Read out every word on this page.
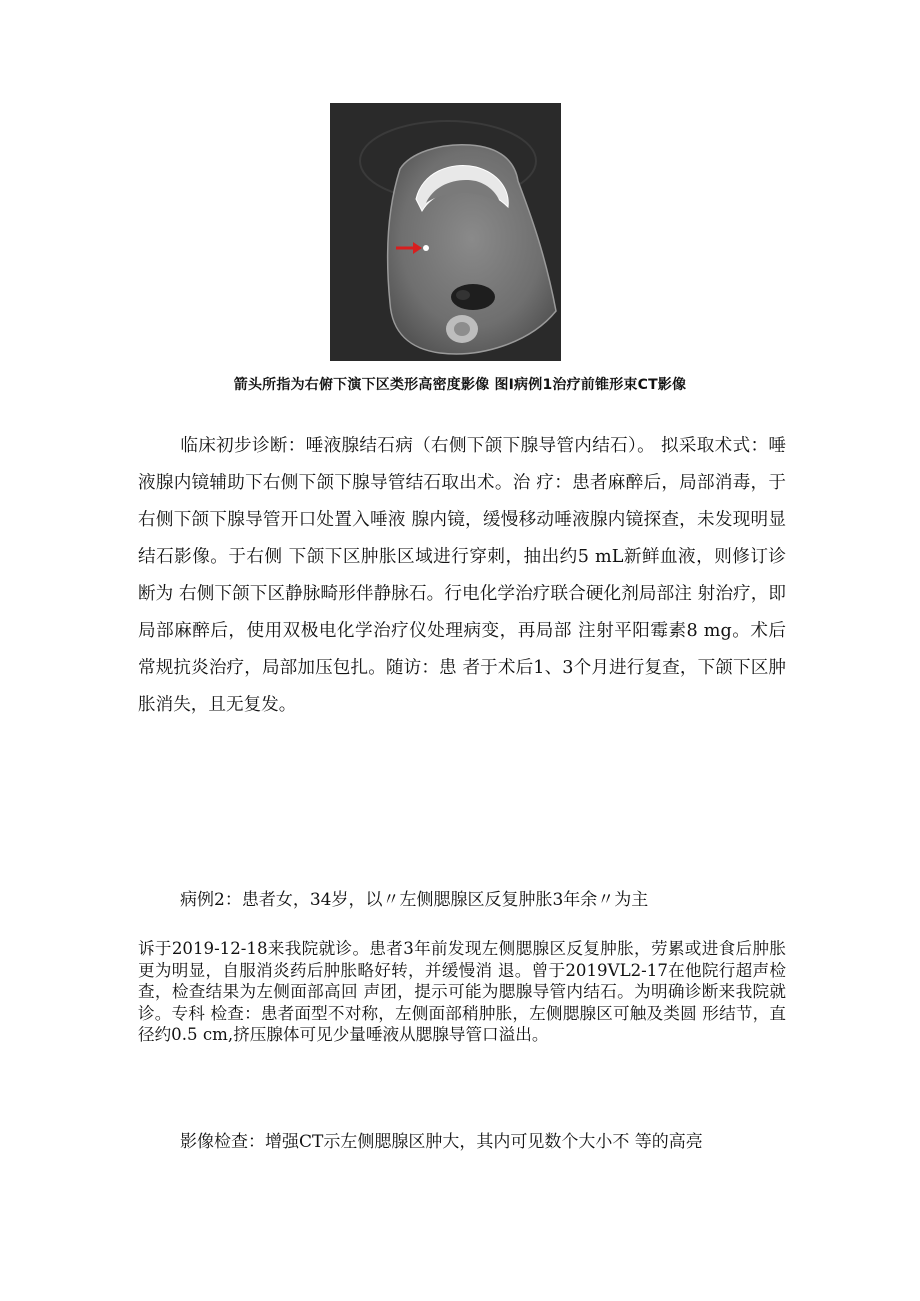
箭头所指为右俯下演下区类形高密度影像 图I病例1治疗前锥形束CT影像
临床初步诊断：唾液腺结石病（右侧下颌下腺导管内结石）。 拟采取术式：唾液腺内镜辅助下右侧下颌下腺导管结石取出术。治 疗：患者麻醉后，局部消毒，于右侧下颌下腺导管开口处置入唾液 腺内镜，缓慢移动唾液腺内镜探查，未发现明显结石影像。于右侧 下颌下区肿胀区域进行穿刺，抽出约5 mL新鲜血液，则修订诊断为 右侧下颌下区静脉畸形伴静脉石。行电化学治疗联合硬化剂局部注 射治疗，即局部麻醉后，使用双极电化学治疗仪处理病变，再局部 注射平阳霉素8 mg。术后常规抗炎治疗，局部加压包扎。随访：患 者于术后1、3个月进行复查，下颌下区肿胀消失，且无复发。
病例2：患者女，34岁，以〃左侧腮腺区反复肿胀3年余〃为主
诉于2019-12-18来我院就诊。患者3年前发现左侧腮腺区反复肿胀，劳累或进食后肿胀更为明显，自服消炎药后肿胀略好转，并缓慢消 退。曾于2019VL2-17在他院行超声检查，检查结果为左侧面部高回 声团，提示可能为腮腺导管内结石。为明确诊断来我院就诊。专科 检查：患者面型不对称，左侧面部稍肿胀，左侧腮腺区可触及类圆 形结节，直径约0.5 cm,挤压腺体可见少量唾液从腮腺导管口溢出。
影像检查：增强CT示左侧腮腺区肿大，其内可见数个大小不 等的高亮
